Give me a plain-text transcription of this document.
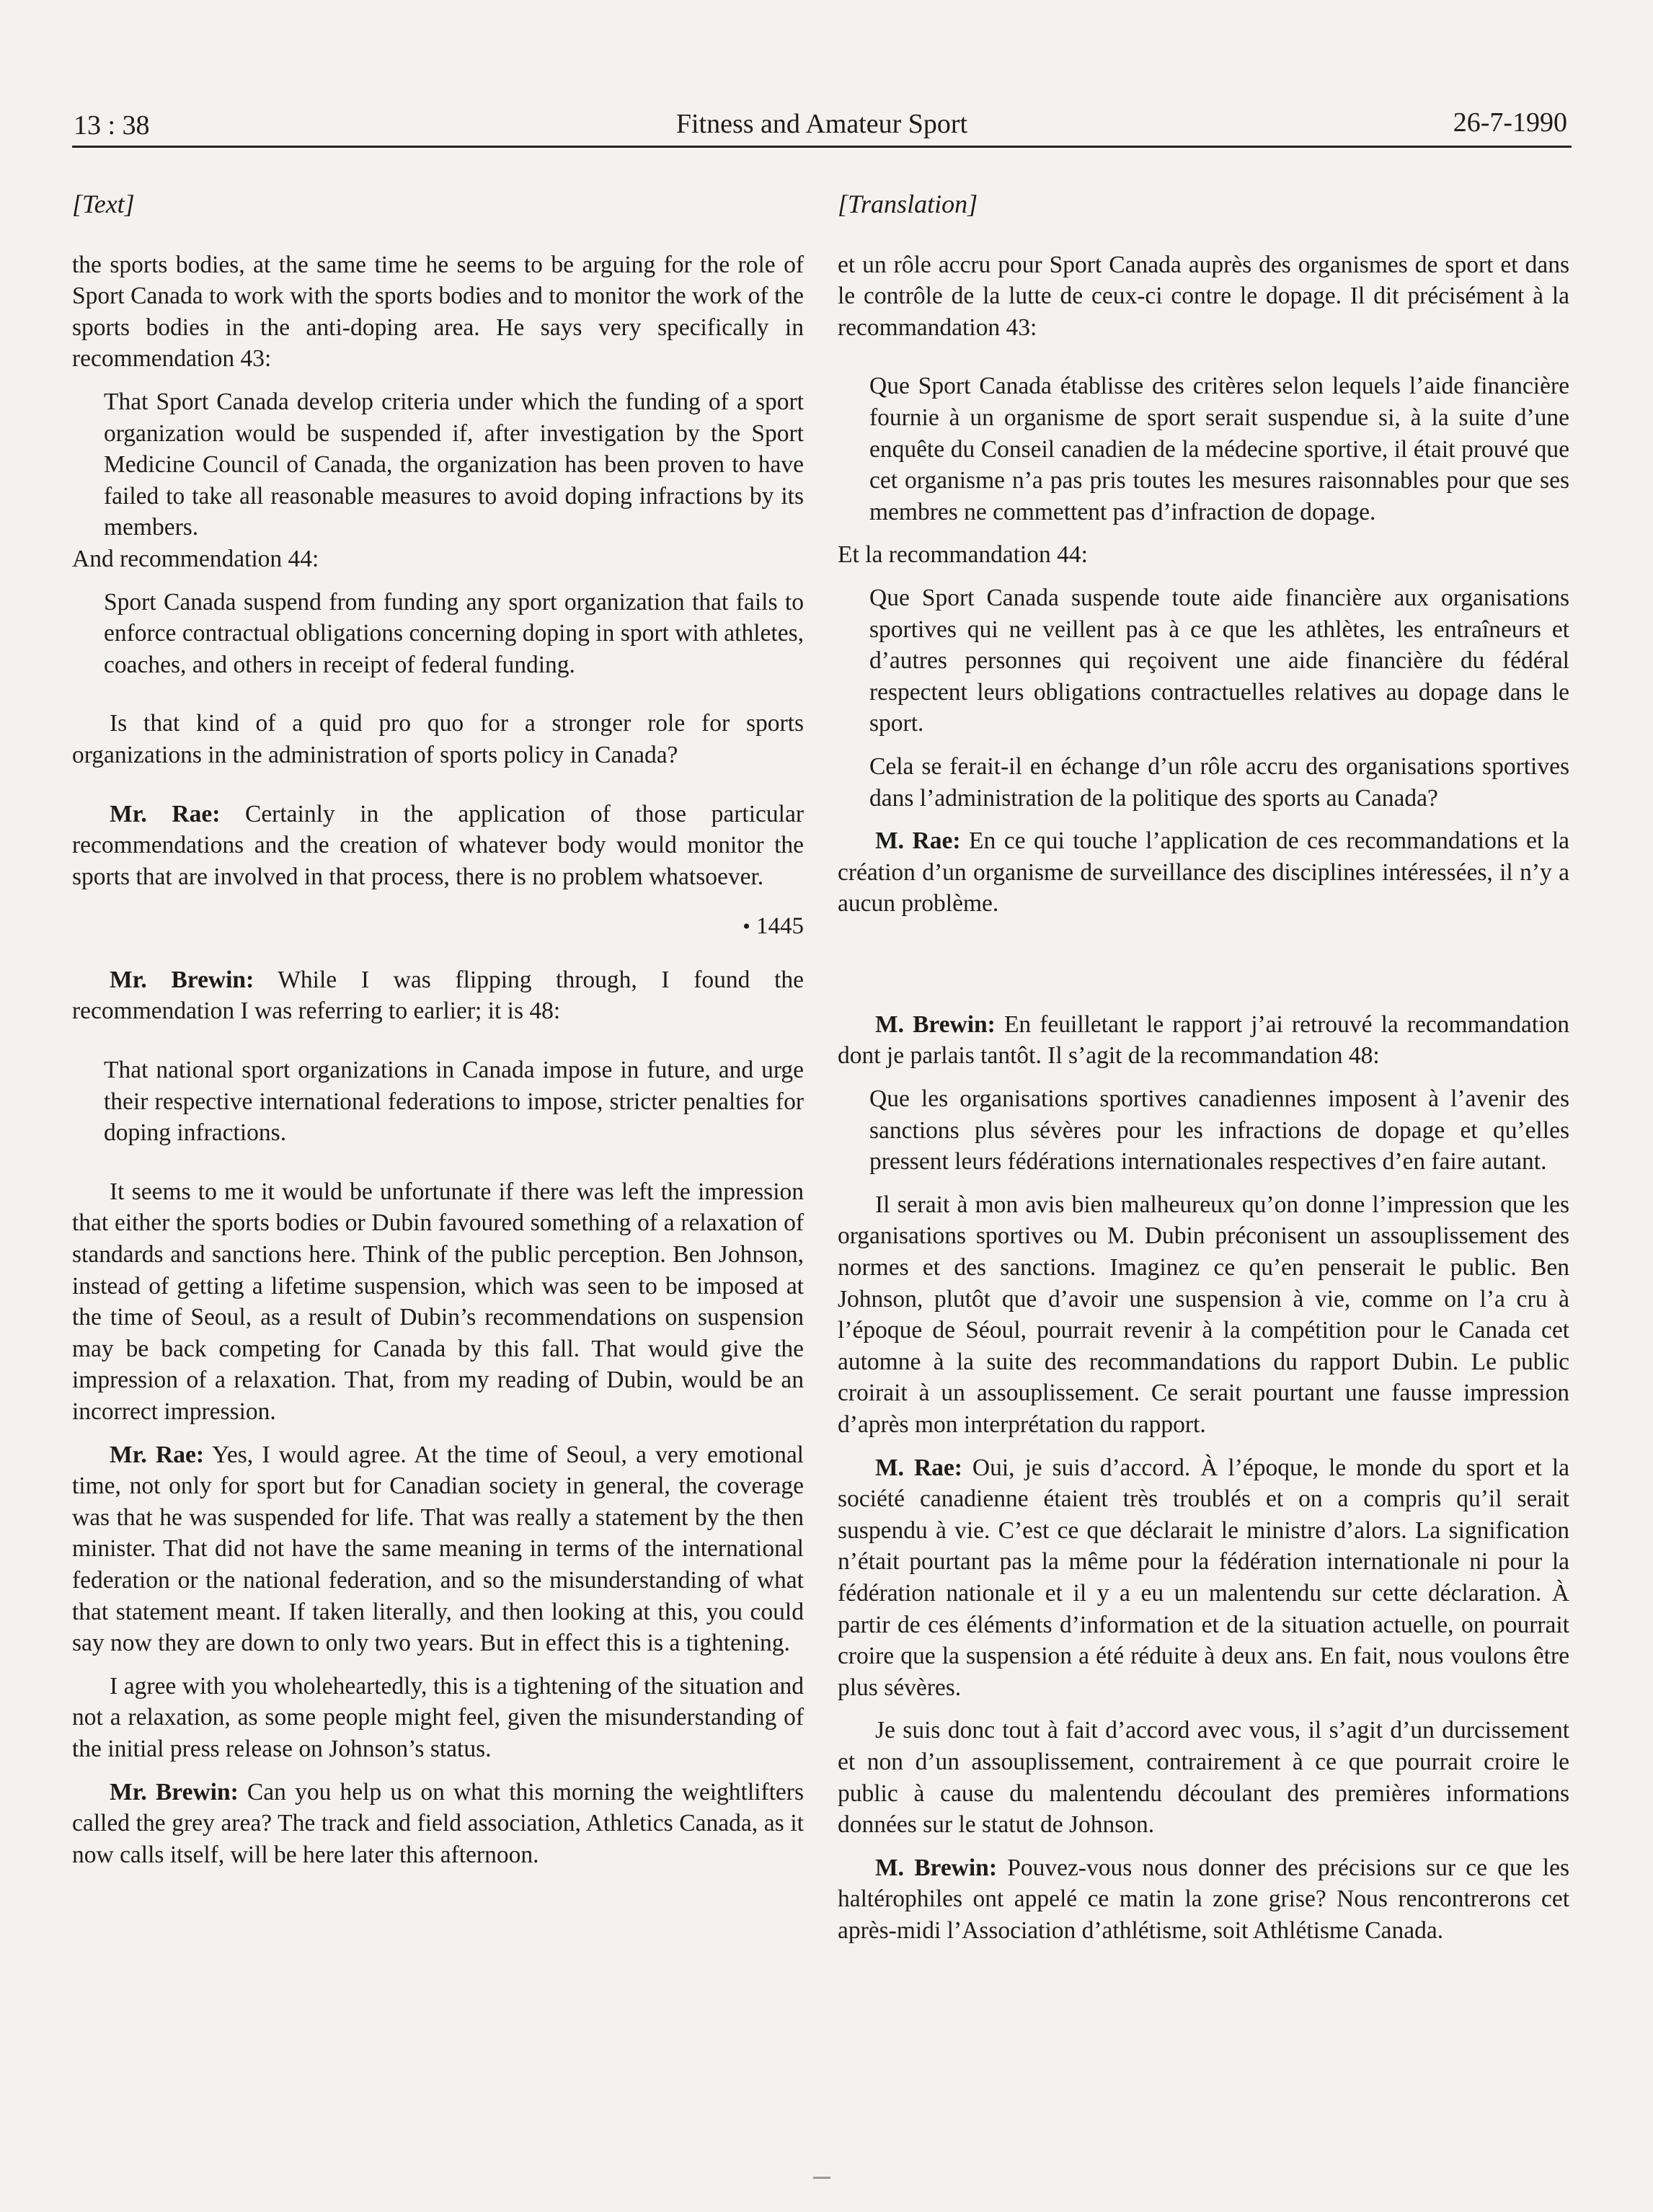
13 : 38	Fitness and Amateur Sport	26-7-1990

[Text]

the sports bodies, at the same time he seems to be arguing for the role of Sport Canada to work with the sports bodies and to monitor the work of the sports bodies in the anti-doping area. He says very specifically in recommendation 43:

That Sport Canada develop criteria under which the funding of a sport organization would be suspended if, after investigation by the Sport Medicine Council of Canada, the organization has been proven to have failed to take all reasonable measures to avoid doping infractions by its members.

And recommendation 44:

Sport Canada suspend from funding any sport organization that fails to enforce contractual obligations concerning doping in sport with athletes, coaches, and others in receipt of federal funding.

Is that kind of a quid pro quo for a stronger role for sports organizations in the administration of sports policy in Canada?

Mr. Rae: Certainly in the application of those particular recommendations and the creation of whatever body would monitor the sports that are involved in that process, there is no problem whatsoever.

• 1445

Mr. Brewin: While I was flipping through, I found the recommendation I was referring to earlier; it is 48:

That national sport organizations in Canada impose in future, and urge their respective international federations to impose, stricter penalties for doping infractions.

It seems to me it would be unfortunate if there was left the impression that either the sports bodies or Dubin favoured something of a relaxation of standards and sanctions here. Think of the public perception. Ben Johnson, instead of getting a lifetime suspension, which was seen to be imposed at the time of Seoul, as a result of Dubin’s recommendations on suspension may be back competing for Canada by this fall. That would give the impression of a relaxation. That, from my reading of Dubin, would be an incorrect impression.

Mr. Rae: Yes, I would agree. At the time of Seoul, a very emotional time, not only for sport but for Canadian society in general, the coverage was that he was suspended for life. That was really a statement by the then minister. That did not have the same meaning in terms of the international federation or the national federation, and so the misunderstanding of what that statement meant. If taken literally, and then looking at this, you could say now they are down to only two years. But in effect this is a tightening.

I agree with you wholeheartedly, this is a tightening of the situation and not a relaxation, as some people might feel, given the misunderstanding of the initial press release on Johnson’s status.

Mr. Brewin: Can you help us on what this morning the weightlifters called the grey area? The track and field association, Athletics Canada, as it now calls itself, will be here later this afternoon.

[Translation]

et un rôle accru pour Sport Canada auprès des organismes de sport et dans le contrôle de la lutte de ceux-ci contre le dopage. Il dit précisément à la recommandation 43:

Que Sport Canada établisse des critères selon lequels l’aide financière fournie à un organisme de sport serait suspendue si, à la suite d’une enquête du Conseil canadien de la médecine sportive, il était prouvé que cet organisme n’a pas pris toutes les mesures raisonnables pour que ses membres ne commettent pas d’infraction de dopage.

Et la recommandation 44:

Que Sport Canada suspende toute aide financière aux organisations sportives qui ne veillent pas à ce que les athlètes, les entraîneurs et d’autres personnes qui reçoivent une aide financière du fédéral respectent leurs obligations contractuelles relatives au dopage dans le sport.

Cela se ferait-il en échange d’un rôle accru des organisations sportives dans l’administration de la politique des sports au Canada?

M. Rae: En ce qui touche l’application de ces recommandations et la création d’un organisme de surveillance des disciplines intéressées, il n’y a aucun problème.

M. Brewin: En feuilletant le rapport j’ai retrouvé la recommandation dont je parlais tantôt. Il s’agit de la recommandation 48:

Que les organisations sportives canadiennes imposent à l’avenir des sanctions plus sévères pour les infractions de dopage et qu’elles pressent leurs fédérations internationales respectives d’en faire autant.

Il serait à mon avis bien malheureux qu’on donne l’impression que les organisations sportives ou M. Dubin préconisent un assouplissement des normes et des sanctions. Imaginez ce qu’en penserait le public. Ben Johnson, plutôt que d’avoir une suspension à vie, comme on l’a cru à l’époque de Séoul, pourrait revenir à la compétition pour le Canada cet automne à la suite des recommandations du rapport Dubin. Le public croirait à un assouplissement. Ce serait pourtant une fausse impression d’après mon interprétation du rapport.

M. Rae: Oui, je suis d’accord. À l’époque, le monde du sport et la société canadienne étaient très troublés et on a compris qu’il serait suspendu à vie. C’est ce que déclarait le ministre d’alors. La signification n’était pourtant pas la même pour la fédération internationale ni pour la fédération nationale et il y a eu un malentendu sur cette déclaration. À partir de ces éléments d’information et de la situation actuelle, on pourrait croire que la suspension a été réduite à deux ans. En fait, nous voulons être plus sévères.

Je suis donc tout à fait d’accord avec vous, il s’agit d’un durcissement et non d’un assouplissement, contrairement à ce que pourrait croire le public à cause du malentendu découlant des premières informations données sur le statut de Johnson.

M. Brewin: Pouvez-vous nous donner des précisions sur ce que les haltérophiles ont appelé ce matin la zone grise? Nous rencontrerons cet après-midi l’Association d’athlétisme, soit Athlétisme Canada.
